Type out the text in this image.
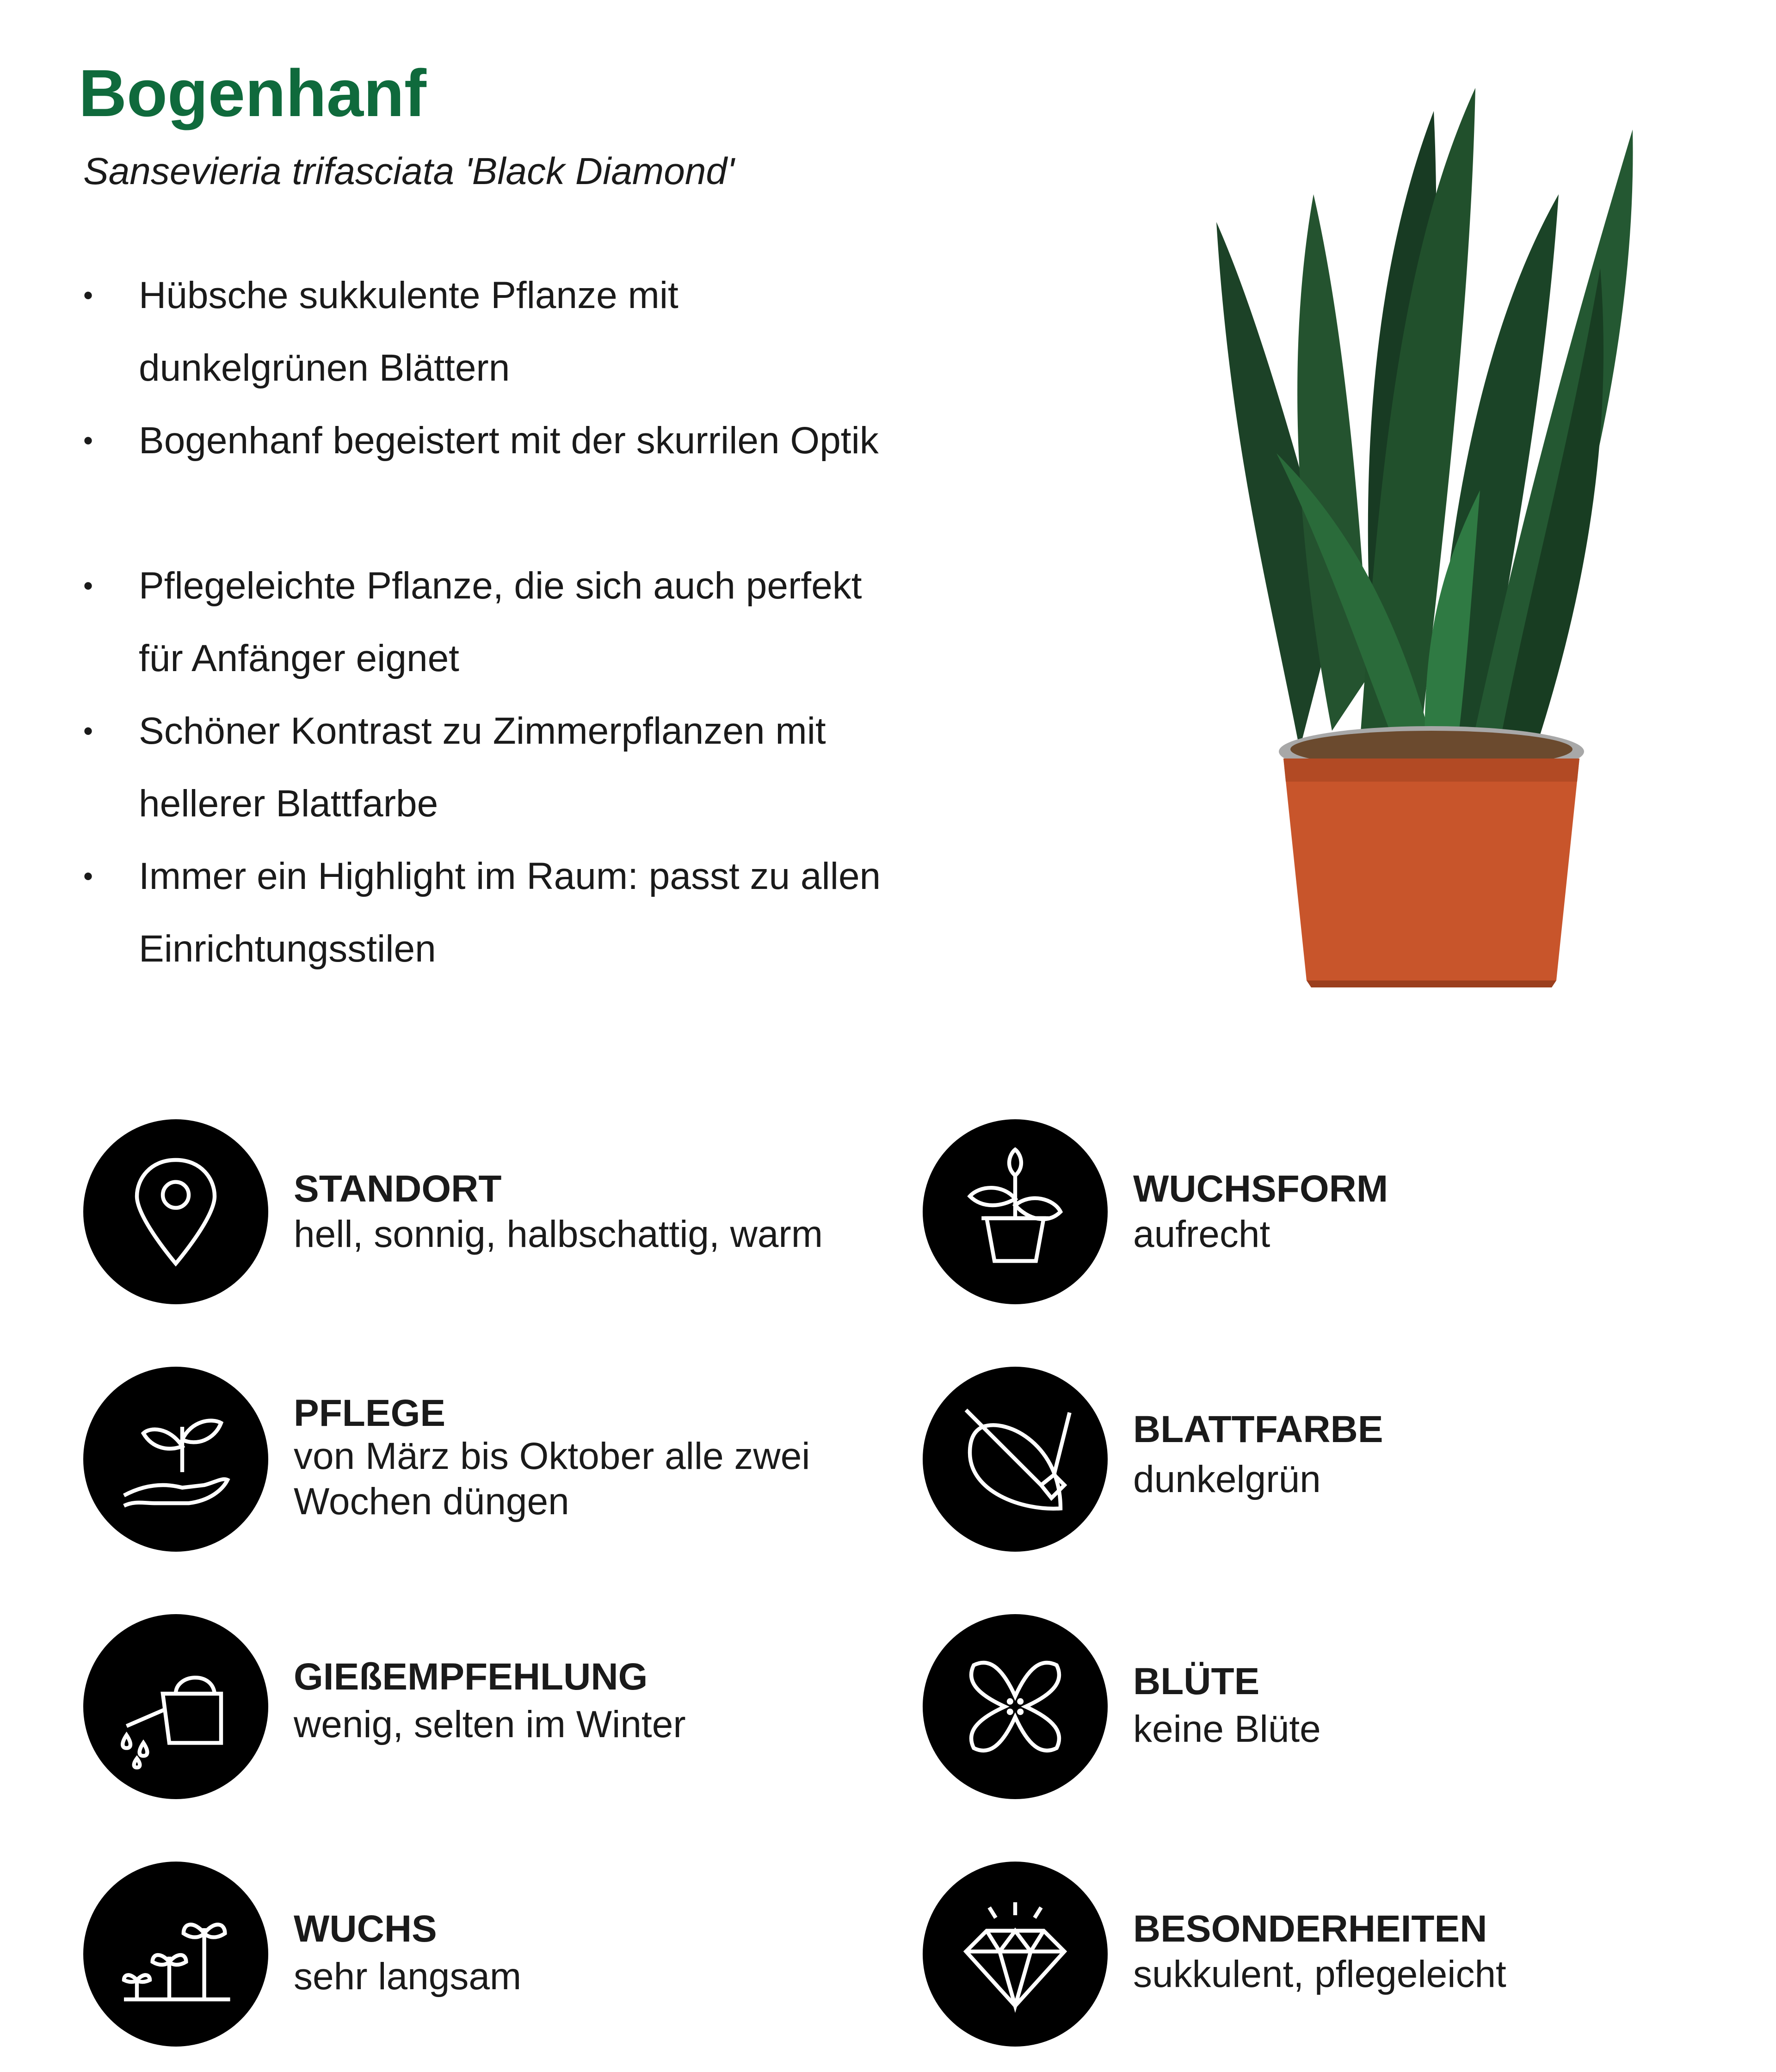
Bogenhanf

Sansevieria trifasciata 'Black Diamond'

• Hübsche sukkulente Pflanze mit dunkelgrünen Blättern
• Bogenhanf begeistert mit der skurrilen Optik
• Pflegeleichte Pflanze, die sich auch perfekt für Anfänger eignet
• Schöner Kontrast zu Zimmerpflanzen mit hellerer Blattfarbe
• Immer ein Highlight im Raum: passt zu allen Einrichtungsstilen
STANDORT
hell, sonnig, halbschattig, warm
WUCHSFORM
aufrecht
PFLEGE
von März bis Oktober alle zwei Wochen düngen
BLATTFARBE
dunkelgrün
GIEßEMPFEHLUNG
wenig, selten im Winter
BLÜTE
keine Blüte
WUCHS
sehr langsam
BESONDERHEITEN
sukkulent, pflegeleicht
